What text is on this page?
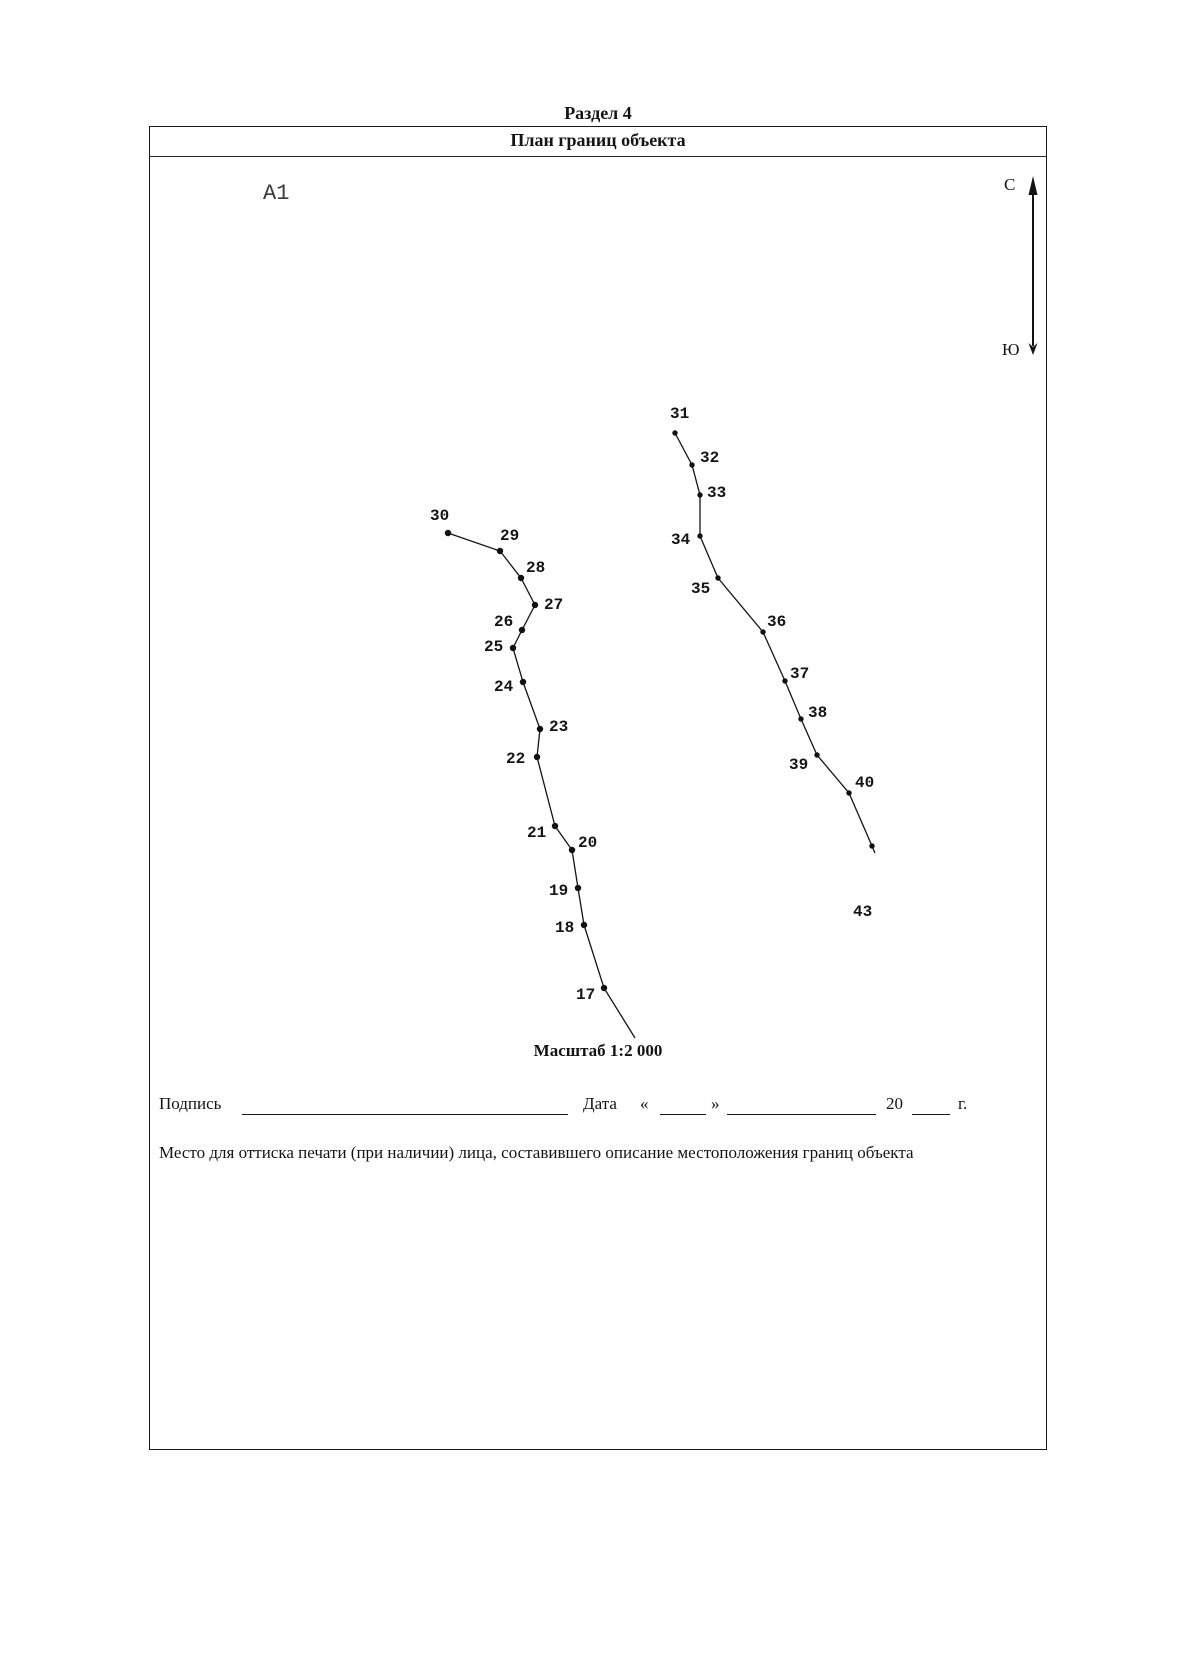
Раздел 4
План границ объекта
A1	С
Ю
30
29
28
27
26
25
24
23
22
21
20
19
18
17
31
32
33
34
35
36
37
38
39
40
43
Масштаб 1:2 000
Подпись	Дата «	»	20	г.
Место для оттиска печати (при наличии) лица, составившего описание местоположения границ объекта
